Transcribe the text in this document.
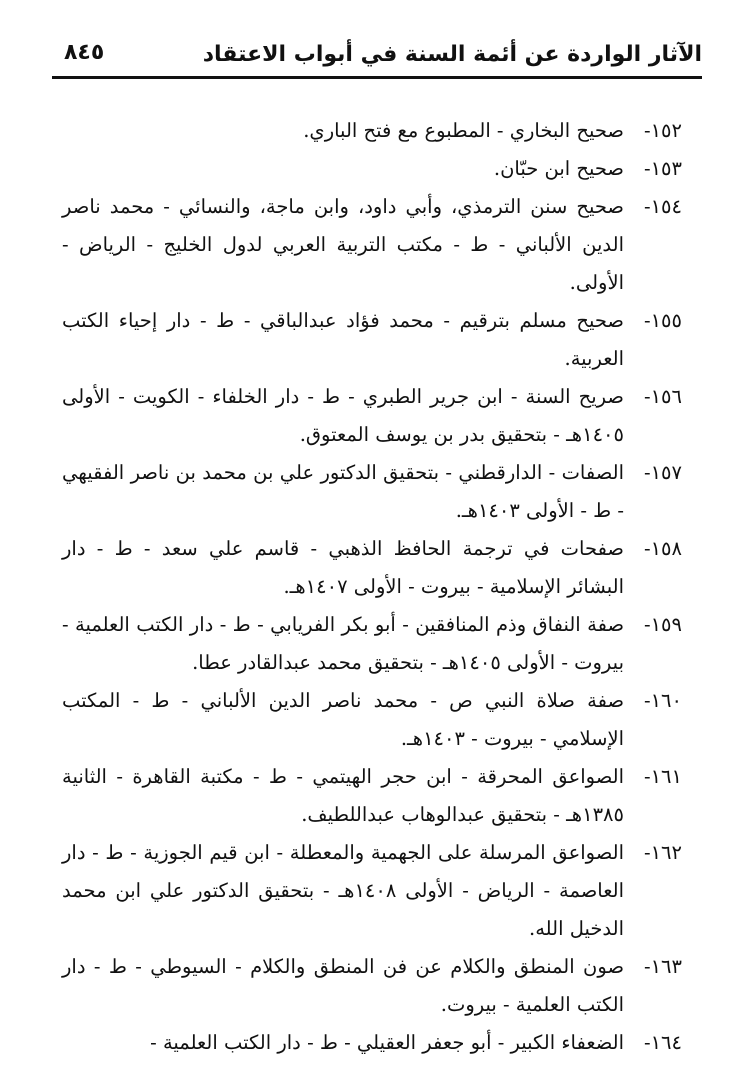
الآثار الواردة عن أئمة السنة في أبواب الاعتقاد
٨٤٥

١٥٢-
صحيح البخاري - المطبوع مع فتح الباري.

١٥٣-
صحيح ابن حبّان.

١٥٤-
صحيح سنن الترمذي، وأبي داود، وابن ماجة، والنسائي - محمد ناصر الدين الألباني - ط - مكتب التربية العربي لدول الخليج - الرياض - الأولى.

١٥٥-
صحيح مسلم بترقيم - محمد فؤاد عبدالباقي - ط - دار إحياء الكتب العربية.

١٥٦-
صريح السنة - ابن جرير الطبري - ط - دار الخلفاء - الكويت - الأولى ١٤٠٥هـ - بتحقيق بدر بن يوسف المعتوق.

١٥٧-
الصفات - الدارقطني - بتحقيق الدكتور علي بن محمد بن ناصر الفقيهي - ط - الأولى ١٤٠٣هـ.

١٥٨-
صفحات في ترجمة الحافظ الذهبي - قاسم علي سعد - ط - دار البشائر الإسلامية - بيروت - الأولى ١٤٠٧هـ.

١٥٩-
صفة النفاق وذم المنافقين - أبو بكر الفريابي - ط - دار الكتب العلمية - بيروت - الأولى ١٤٠٥هـ - بتحقيق محمد عبدالقادر عطا.

١٦٠-
صفة صلاة النبي ص - محمد ناصر الدين الألباني - ط - المكتب الإسلامي - بيروت - ١٤٠٣هـ.

١٦١-
الصواعق المحرقة - ابن حجر الهيتمي - ط - مكتبة القاهرة - الثانية ١٣٨٥هـ - بتحقيق عبدالوهاب عبداللطيف.

١٦٢-
الصواعق المرسلة على الجهمية والمعطلة - ابن قيم الجوزية - ط - دار العاصمة - الرياض - الأولى ١٤٠٨هـ - بتحقيق الدكتور علي ابن محمد الدخيل الله.

١٦٣-
صون المنطق والكلام عن فن المنطق والكلام - السيوطي - ط - دار الكتب العلمية - بيروت.

١٦٤-
الضعفاء الكبير - أبو جعفر العقيلي - ط - دار الكتب العلمية -
